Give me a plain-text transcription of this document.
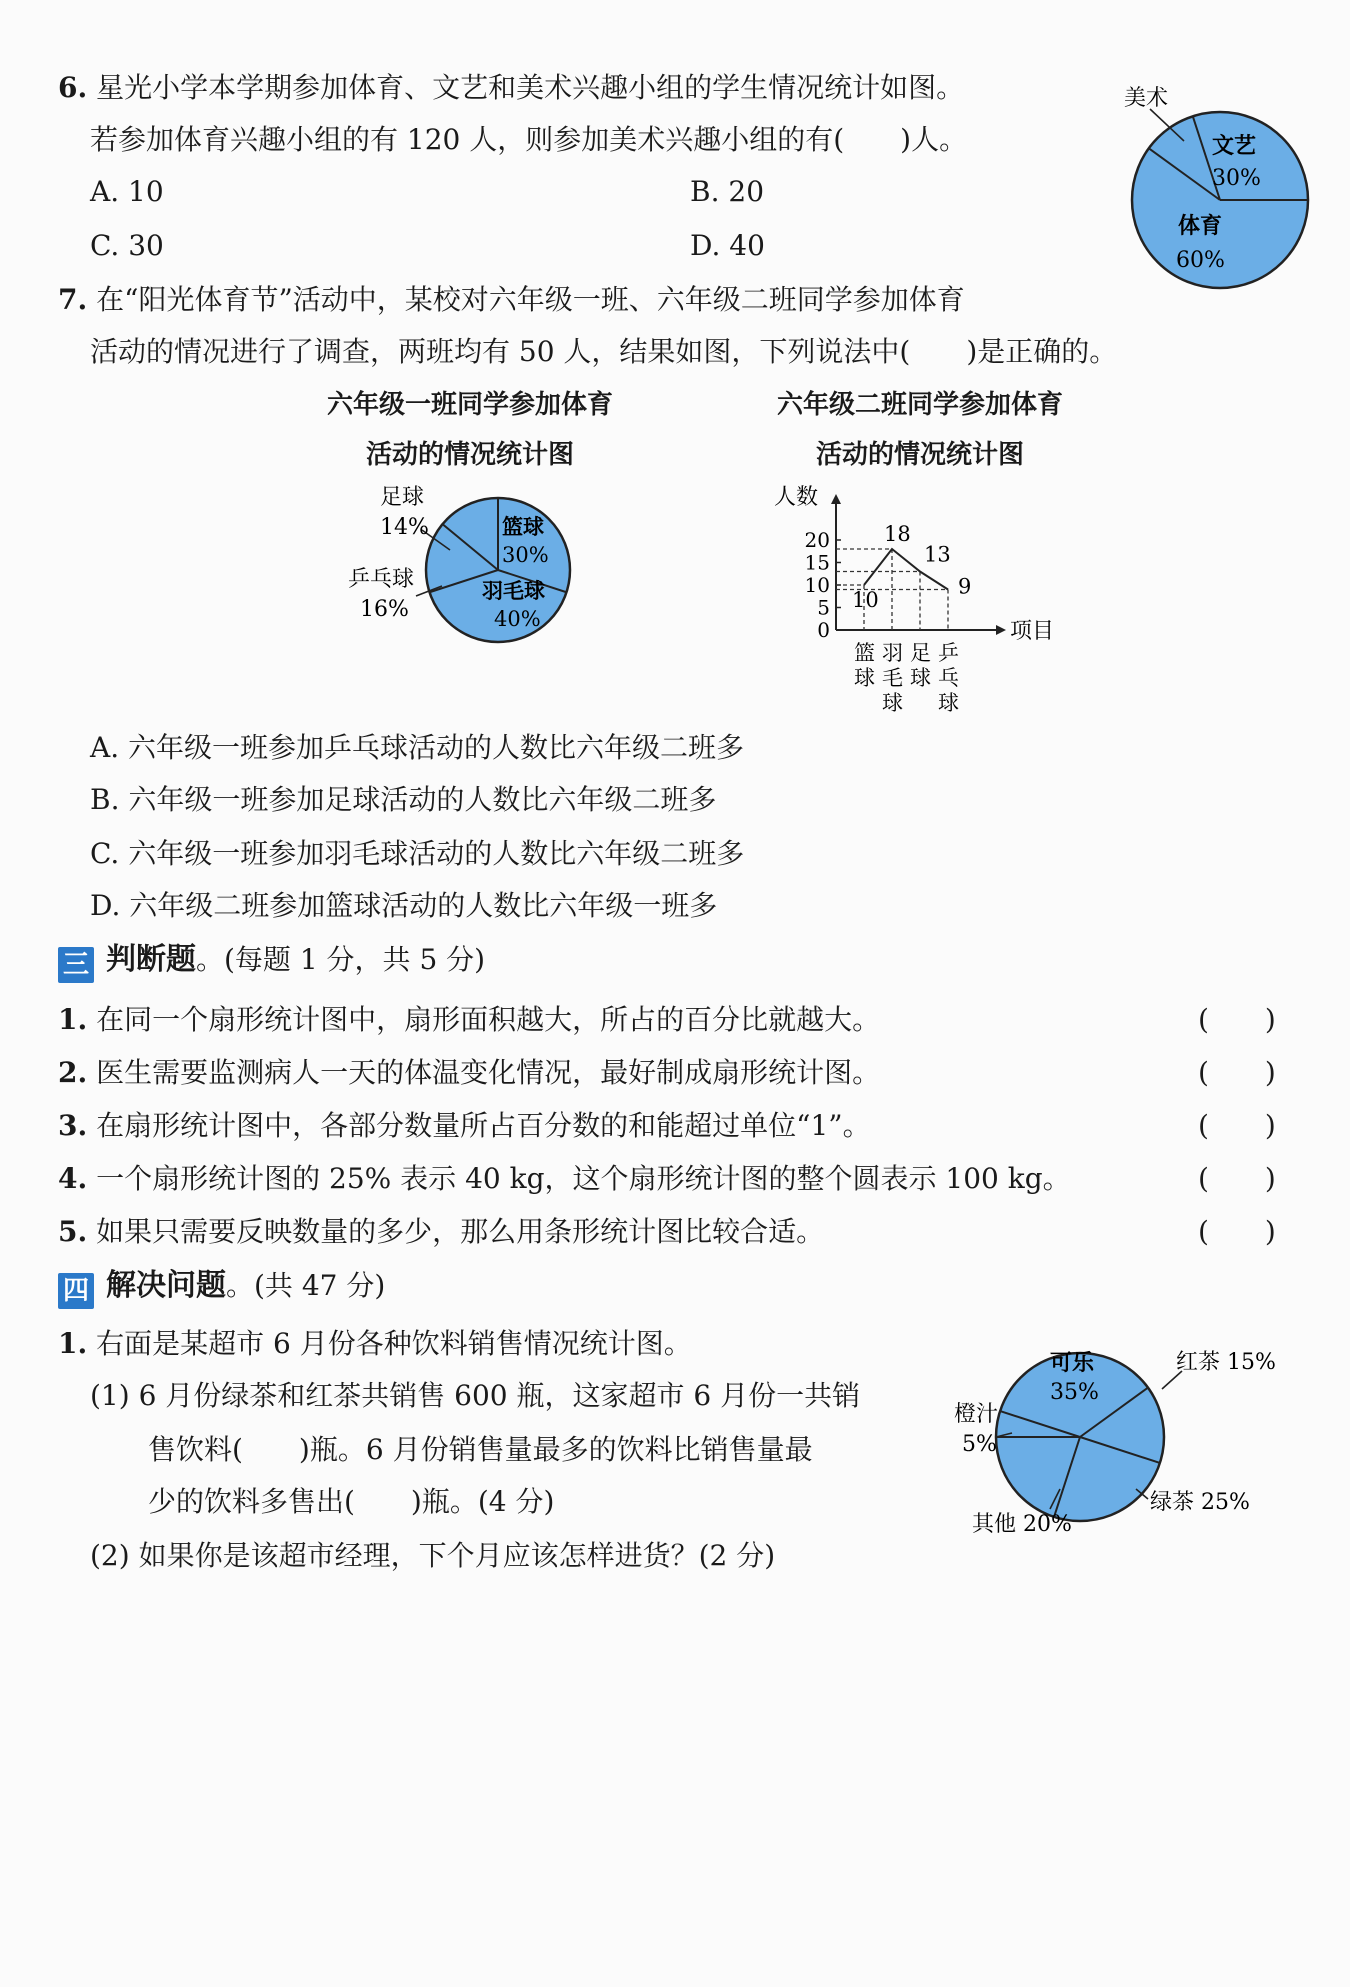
6. 星光小学本学期参加体育、文艺和美术兴趣小组的学生情况统计如图。
若参加体育兴趣小组的有 120 人，则参加美术兴趣小组的有(　　)人。
A. 10	B. 20
C. 30	D. 40
美术
文艺
30%
体育
60%
7. 在“阳光体育节”活动中，某校对六年级一班、六年级二班同学参加体育
活动的情况进行了调查，两班均有 50 人，结果如图，下列说法中(　　)是正确的。
六年级一班同学参加体育
活动的情况统计图
六年级二班同学参加体育
活动的情况统计图
足球
14%
乒乓球
16%
篮球
30%
羽毛球
40%
人数
项目
0
5
10
15
20
10
18
13
9
篮
球
羽
毛
球
足
球
乒
乓
球
A. 六年级一班参加乒乓球活动的人数比六年级二班多
B. 六年级一班参加足球活动的人数比六年级二班多
C. 六年级一班参加羽毛球活动的人数比六年级二班多
D. 六年级二班参加篮球活动的人数比六年级一班多
三 判断题。(每题 1 分，共 5 分)
1. 在同一个扇形统计图中，扇形面积越大，所占的百分比就越大。	(　　)
2. 医生需要监测病人一天的体温变化情况，最好制成扇形统计图。	(　　)
3. 在扇形统计图中，各部分数量所占百分数的和能超过单位“1”。	(　　)
4. 一个扇形统计图的 25% 表示 40 kg，这个扇形统计图的整个圆表示 100 kg。	(　　)
5. 如果只需要反映数量的多少，那么用条形统计图比较合适。	(　　)
四 解决问题。(共 47 分)
1. 右面是某超市 6 月份各种饮料销售情况统计图。
(1) 6 月份绿茶和红茶共销售 600 瓶，这家超市 6 月份一共销
售饮料(　　)瓶。6 月份销售量最多的饮料比销售量最
少的饮料多售出(　　)瓶。(4 分)
(2) 如果你是该超市经理，下个月应该怎样进货？(2 分)
可乐
35%
红茶 15%
橙汁
5%
绿茶 25%
其他 20%
